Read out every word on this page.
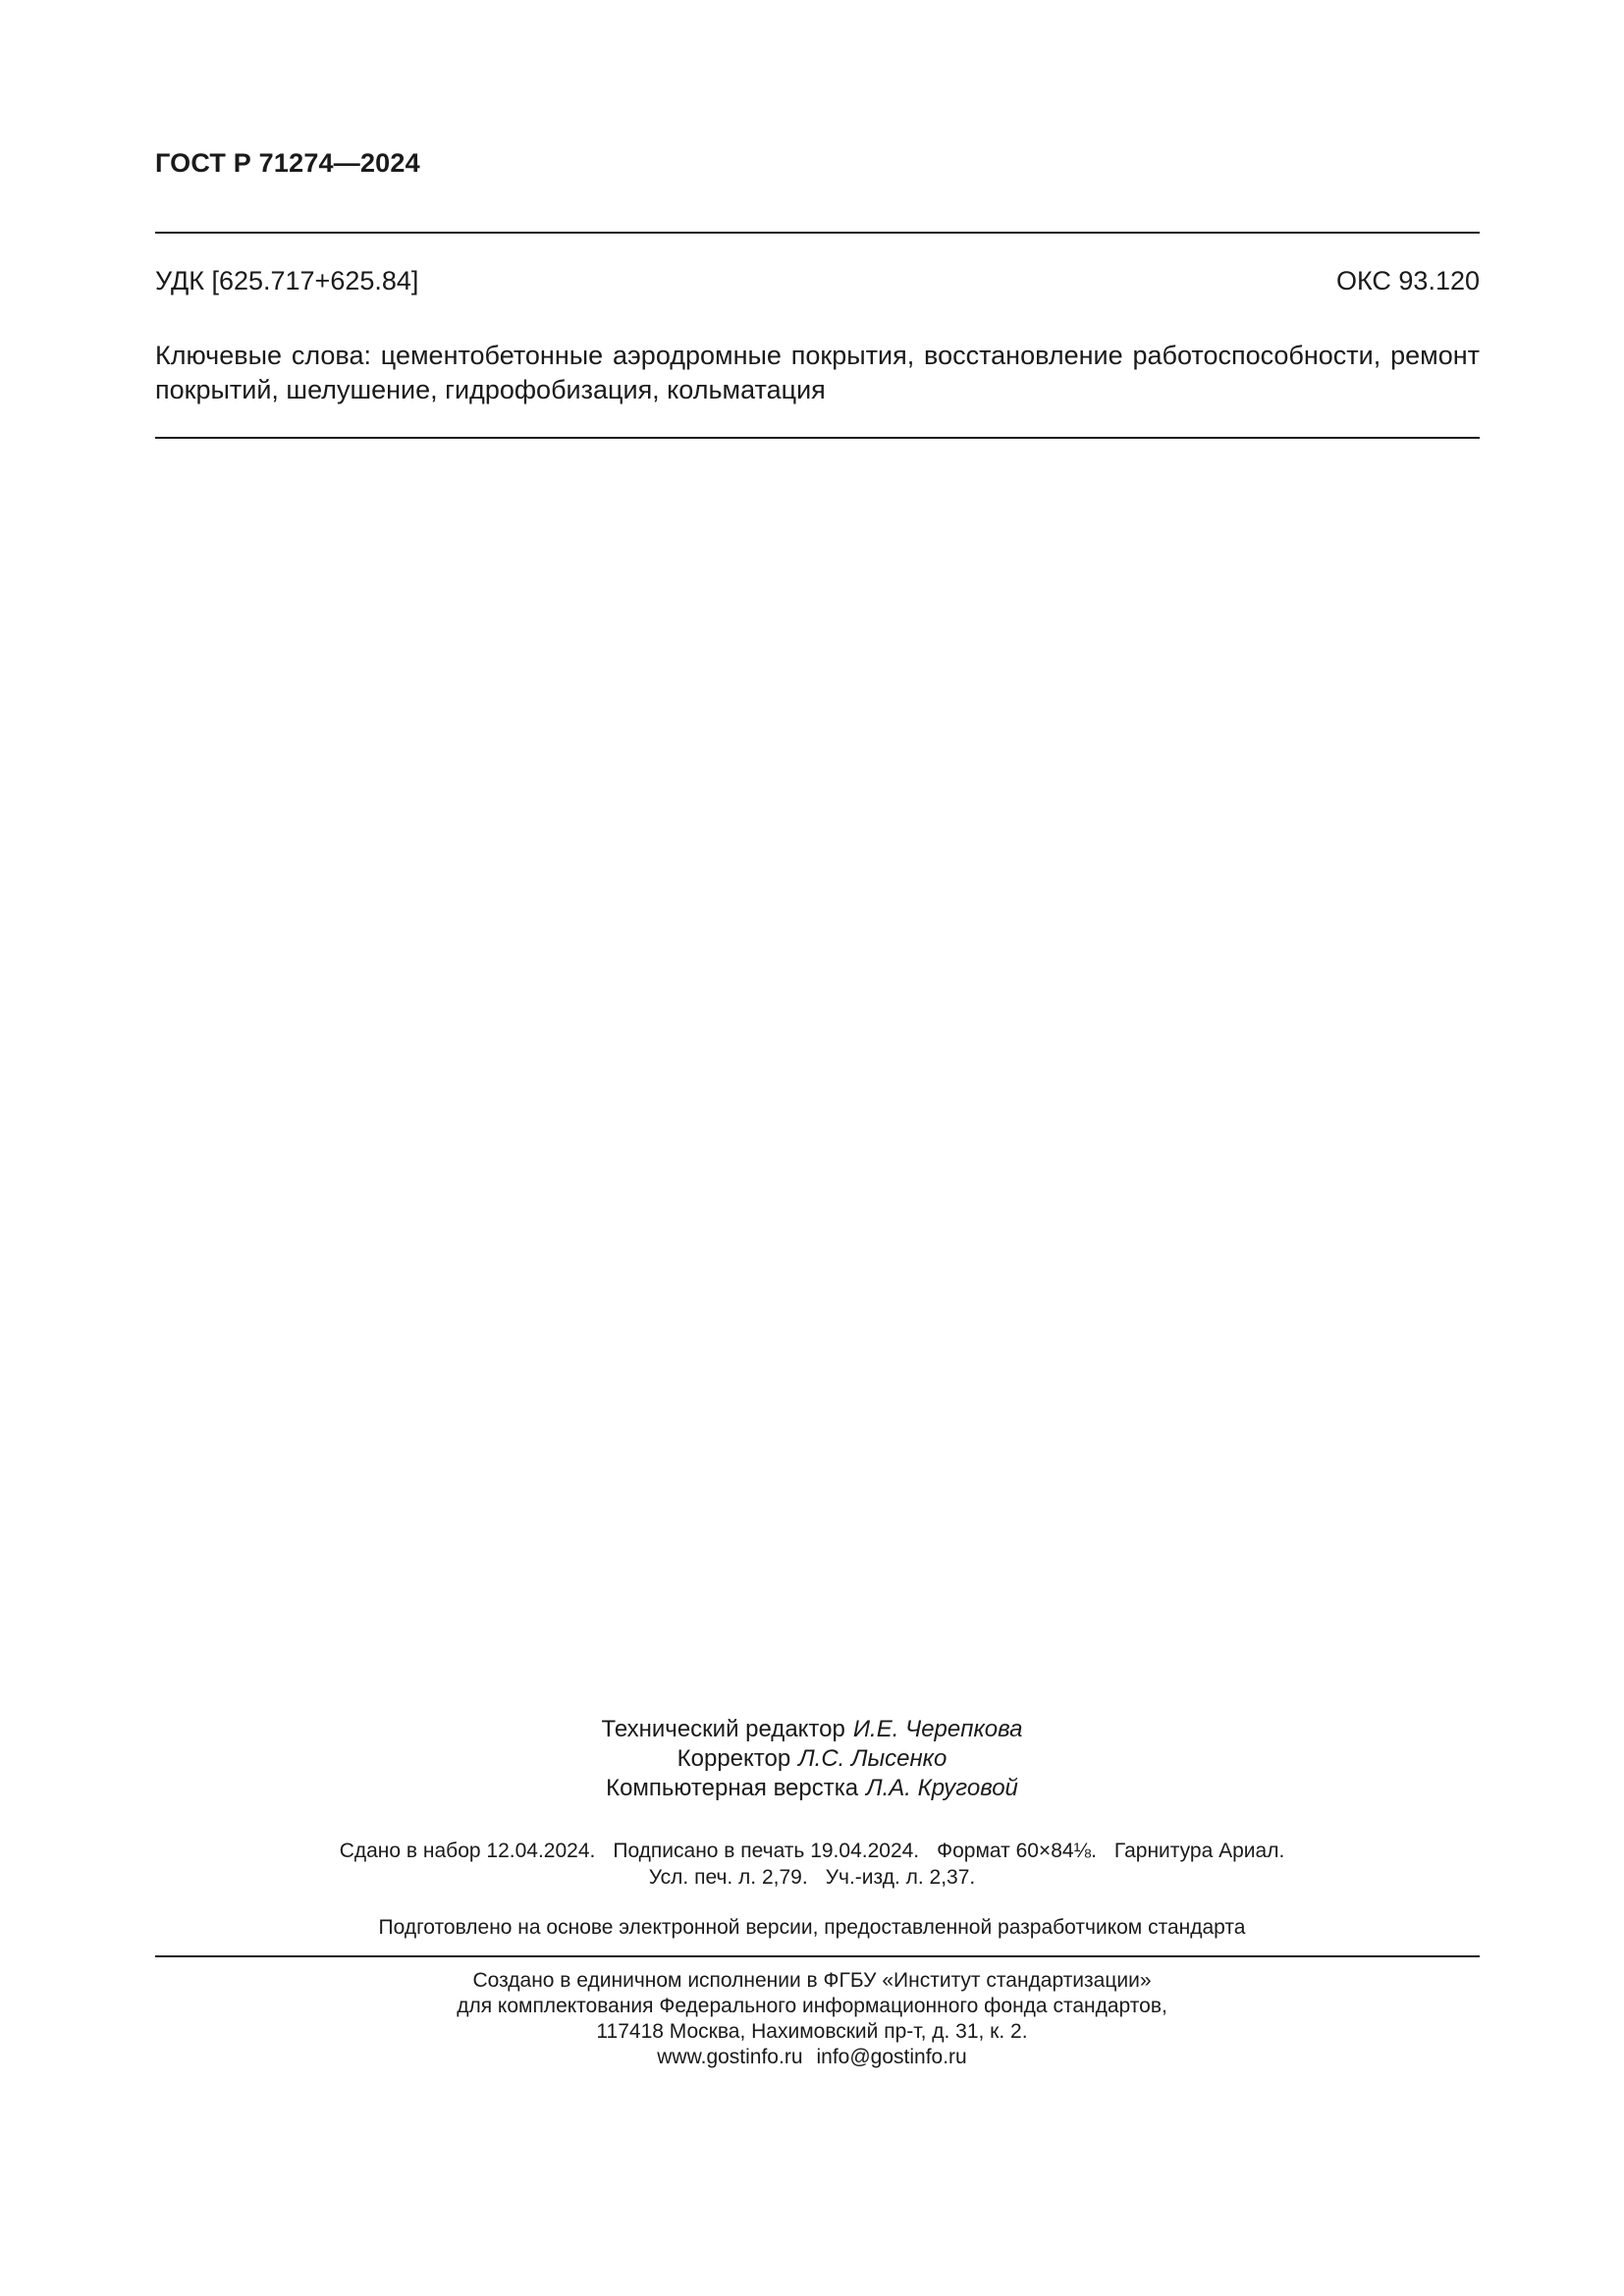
ГОСТ Р 71274—2024
УДК [625.717+625.84]	ОКС 93.120
Ключевые слова: цементобетонные аэродромные покрытия, восстановление работоспособности, ремонт покрытий, шелушение, гидрофобизация, кольматация
Технический редактор И.Е. Черепкова
Корректор Л.С. Лысенко
Компьютерная верстка Л.А. Круговой
Сдано в набор 12.04.2024. Подписано в печать 19.04.2024. Формат 60×84⅛. Гарнитура Ариал.
Усл. печ. л. 2,79. Уч.-изд. л. 2,37.
Подготовлено на основе электронной версии, предоставленной разработчиком стандарта
Создано в единичном исполнении в ФГБУ «Институт стандартизации»
для комплектования Федерального информационного фонда стандартов,
117418 Москва, Нахимовский пр-т, д. 31, к. 2.
www.gostinfo.ru info@gostinfo.ru
